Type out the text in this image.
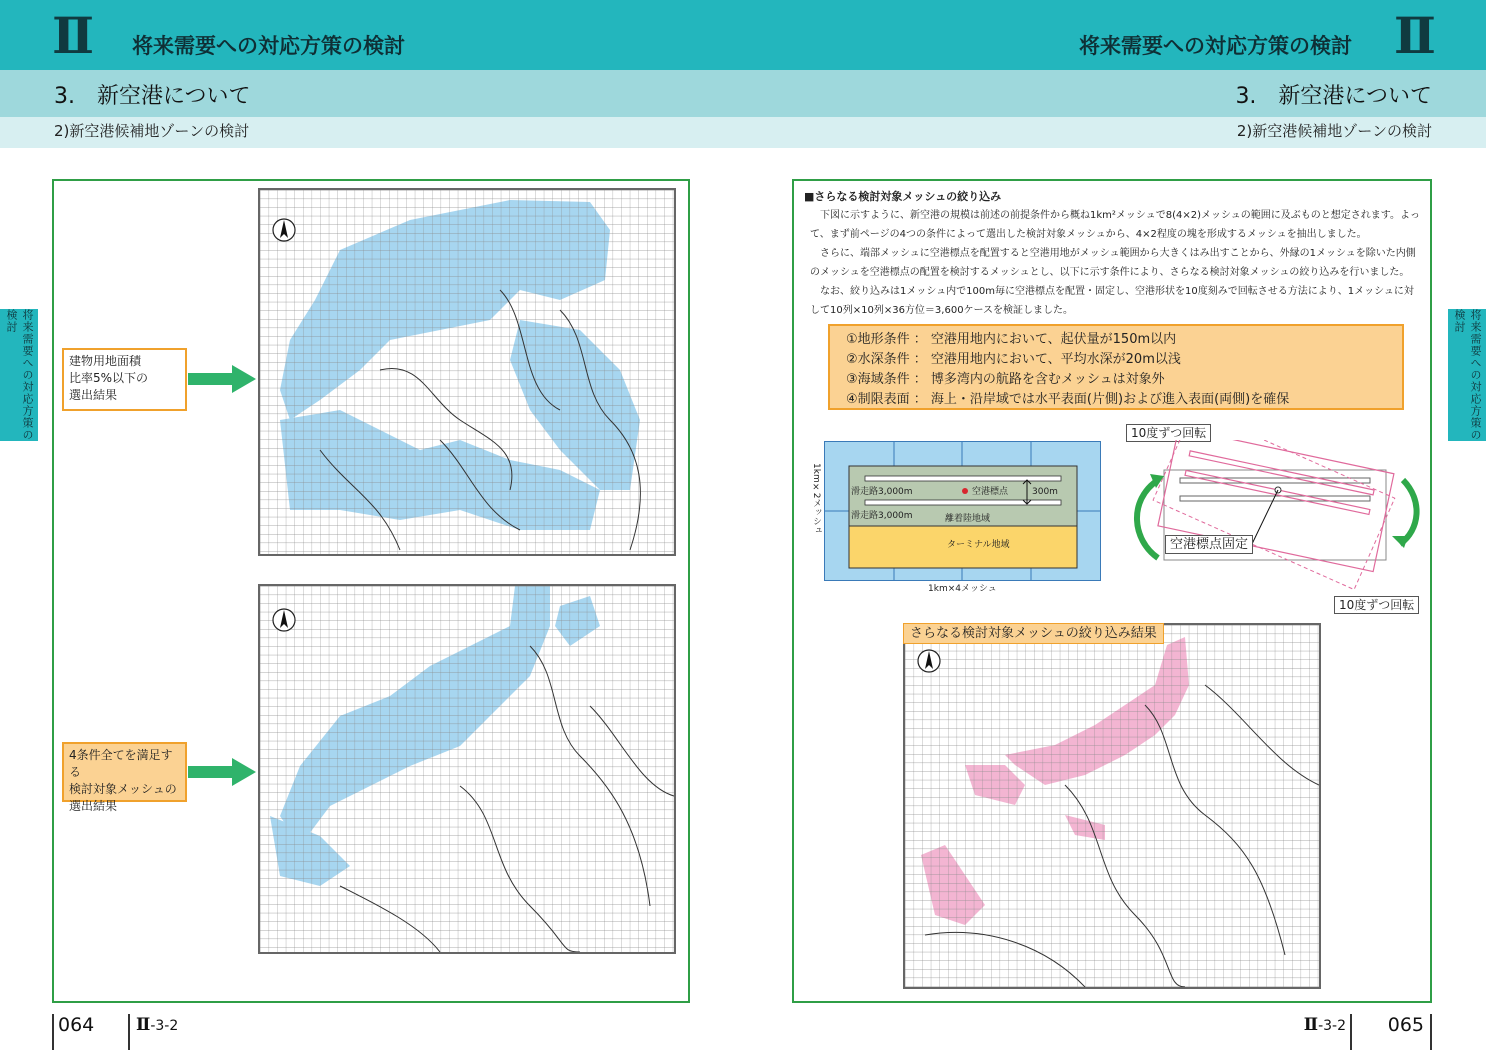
Ⅱ 将来需要への対応方策の検討	将来需要への対応方策の検討 Ⅱ
3.　新空港について	3.　新空港について
2)新空港候補地ゾーンの検討	2)新空港候補地ゾーンの検討
将来需要への対応方策の検討	将来需要への対応方策の検討
建物用地面積
比率5%以下の
選出結果
4条件全てを満足する
検討対象メッシュの
選出結果
■さらなる検討対象メッシュの絞り込み
　下図に示すように、新空港の規模は前述の前提条件から概ね1km²メッシュで8(4×2)メッシュの範囲に及ぶものと想定されます。よって、まず前ページの4つの条件によって選出した検討対象メッシュから、4×2程度の塊を形成するメッシュを抽出しました。
　さらに、端部メッシュに空港標点を配置すると空港用地がメッシュ範囲から大きくはみ出すことから、外縁の1メッシュを除いた内側のメッシュを空港標点の配置を検討するメッシュとし、以下に示す条件により、さらなる検討対象メッシュの絞り込みを行いました。
　なお、絞り込みは1メッシュ内で100m毎に空港標点を配置・固定し、空港形状を10度刻みで回転させる方法により、1メッシュに対して10列×10列×36方位＝3,600ケースを検証しました。
①地形条件 ： 空港用地内において、起伏量が150m以内
②水深条件 ： 空港用地内において、平均水深が20m以浅
③海域条件 ： 博多湾内の航路を含むメッシュは対象外
④制限表面 ： 海上・沿岸域では水平表面(片側)および進入表面(両側)を確保
滑走路3,000m	空港標点	300m
滑走路3,000m	離着陸地域
ターミナル地域
1km×4メッシュ
1km×2メッシュ
10度ずつ回転
空港標点固定
10度ずつ回転
さらなる検討対象メッシュの絞り込み結果
064 Ⅱ-3-2	Ⅱ-3-2 065
